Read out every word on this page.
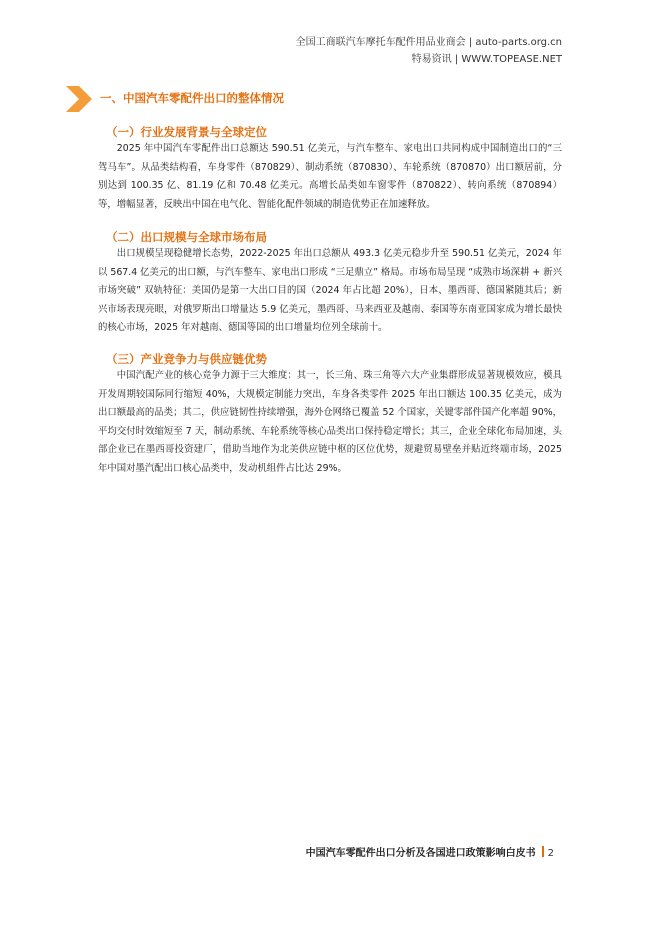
全国工商联汽车摩托车配件用品业商会 | auto-parts.org.cn
特易资讯 | WWW.TOPEASE.NET
一、中国汽车零配件出口的整体情况
（一）行业发展背景与全球定位

2025 年中国汽车零配件出口总额达 590.51 亿美元，与汽车整车、家电出口共同构成中国制造出口的“三驾马车”。从品类结构看，车身零件（870829）、制动系统（870830）、车轮系统（870870）出口额居前，分别达到 100.35 亿、81.19 亿和 70.48 亿美元。高增长品类如车窗零件（870822）、转向系统（870894）等，增幅显著，反映出中国在电气化、智能化配件领域的制造优势正在加速释放。

（二）出口规模与全球市场布局

出口规模呈现稳健增长态势，2022-2025 年出口总额从 493.3 亿美元稳步升至 590.51 亿美元，2024 年以 567.4 亿美元的出口额，与汽车整车、家电出口形成 “三足鼎立” 格局。市场布局呈现 “成熟市场深耕 + 新兴市场突破” 双轨特征：美国仍是第一大出口目的国（2024 年占比超 20%），日本、墨西哥、德国紧随其后；新兴市场表现亮眼，对俄罗斯出口增量达 5.9 亿美元，墨西哥、马来西亚及越南、泰国等东南亚国家成为增长最快的核心市场，2025 年对越南、德国等国的出口增量均位列全球前十。

（三）产业竞争力与供应链优势

中国汽配产业的核心竞争力源于三大维度：其一，长三角、珠三角等六大产业集群形成显著规模效应，模具开发周期较国际同行缩短 40%，大规模定制能力突出，车身各类零件 2025 年出口额达 100.35 亿美元，成为出口额最高的品类；其二，供应链韧性持续增强，海外仓网络已覆盖 52 个国家，关键零部件国产化率超 90%，平均交付时效缩短至 7 天，制动系统、车轮系统等核心品类出口保持稳定增长；其三，企业全球化布局加速，头部企业已在墨西哥投资建厂，借助当地作为北美供应链中枢的区位优势，规避贸易壁垒并贴近终端市场，2025 年中国对墨汽配出口核心品类中，发动机组件占比达 29%。

中国汽车零配件出口分析及各国进口政策影响白皮书 2
